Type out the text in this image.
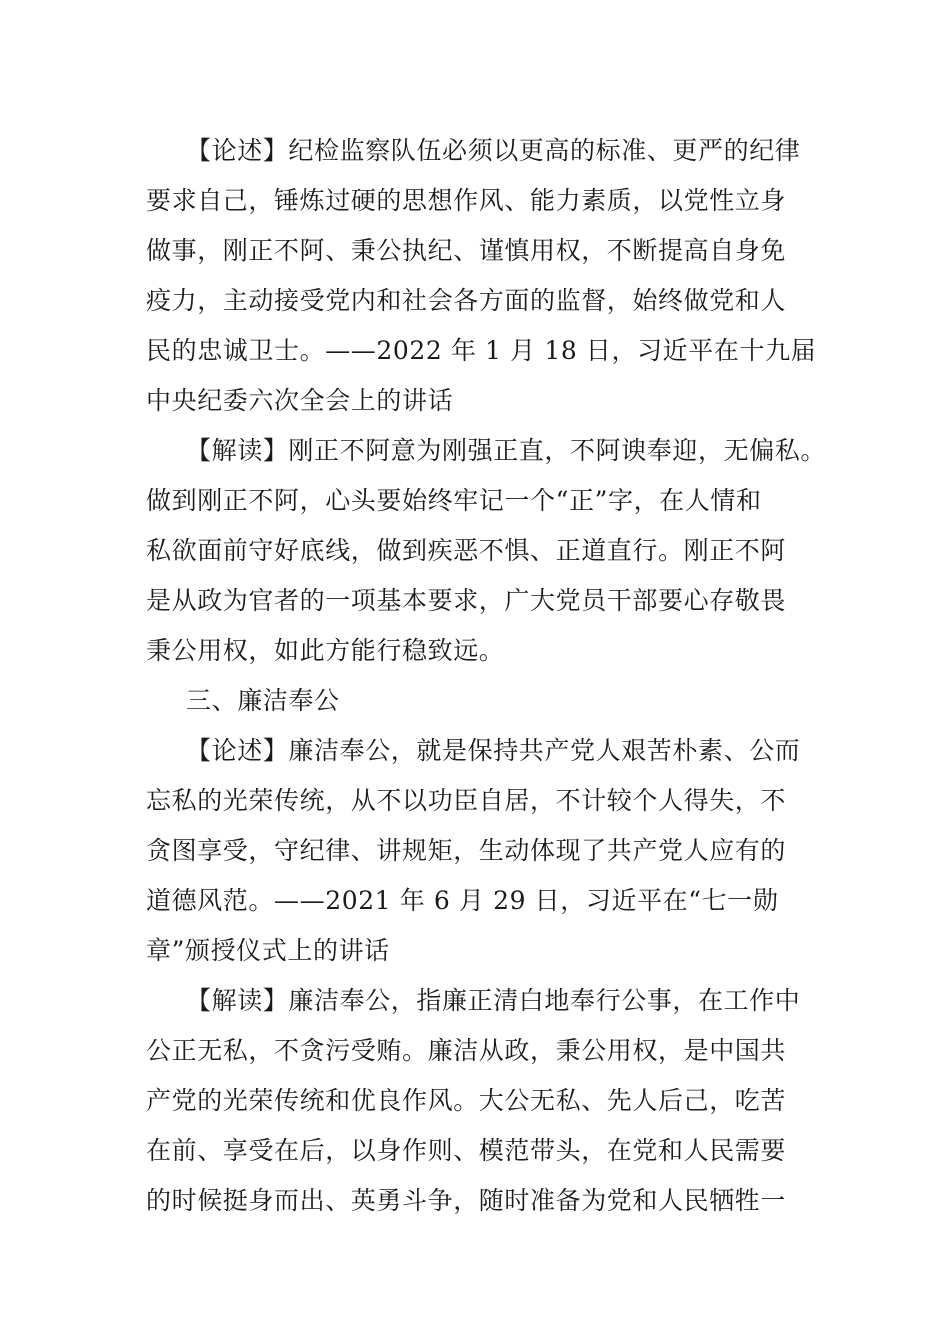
【论述】纪检监察队伍必须以更高的标准、更严的纪律
要求自己，锤炼过硬的思想作风、能力素质，以党性立身
做事，刚正不阿、秉公执纪、谨慎用权，不断提高自身免
疫力，主动接受党内和社会各方面的监督，始终做党和人
民的忠诚卫士。——2022 年 1 月 18 日，习近平在十九届
中央纪委六次全会上的讲话
【解读】刚正不阿意为刚强正直，不阿谀奉迎，无偏私。
做到刚正不阿，心头要始终牢记一个“正”字，在人情和
私欲面前守好底线，做到疾恶不惧、正道直行。刚正不阿
是从政为官者的一项基本要求，广大党员干部要心存敬畏
秉公用权，如此方能行稳致远。
三、廉洁奉公
【论述】廉洁奉公，就是保持共产党人艰苦朴素、公而
忘私的光荣传统，从不以功臣自居，不计较个人得失，不
贪图享受，守纪律、讲规矩，生动体现了共产党人应有的
道德风范。——2021 年 6 月 29 日，习近平在“七一勋
章”颁授仪式上的讲话
【解读】廉洁奉公，指廉正清白地奉行公事，在工作中
公正无私，不贪污受贿。廉洁从政，秉公用权，是中国共
产党的光荣传统和优良作风。大公无私、先人后己，吃苦
在前、享受在后，以身作则、模范带头，在党和人民需要
的时候挺身而出、英勇斗争，随时准备为党和人民牺牲一
